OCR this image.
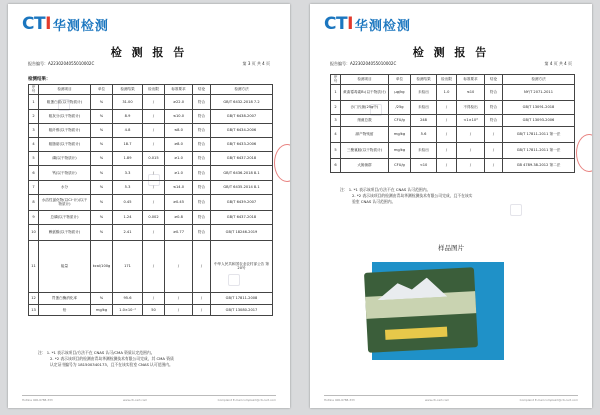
CTI 华测检测
检 测 报 告
报告编号：A2230204055010002C	第 3 页 共 4 页
检测结果：
序号	检测项目	单位	检测结果	检出限	标准要求	结论	检测方法
1	粗蛋白质(以干物质计)	%	31.00	/	≥22.0	符合	GB/T 6432-2018 7.2
2	粗灰分(以干物质计)	%	8.9	/	≤10.0	符合	GB/T 6438-2007
3	粗纤维(以干物质计)	%	4.8	/	≤8.0	符合	GB/T 6434-2006
4	粗脂肪(以干物质计)	%	18.7	/	≥8.0	符合	GB/T 6433-2006
5	磷(以干物质计)	%	1.89	0.015	≥1.0	符合	GB/T 6437-2018
6	钙(以干物质计)	%	3.3	/	≥1.0	符合	GB/T 6436-2018 8.1
7	水分	%	5.3	/	≤14.0	符合	GB/T 6435-2014 8.1
8	水溶性氯化物(以Cl⁻计)(以干物质计)	%	0.45	/	≥0.45	符合	GB/T 6439-2007
9	总磷(以干物质计)	%	1.24	0.002	≥0.8	符合	GB/T 6437-2018
10	赖氨酸(以干物质计)	%	2.41	/	≥0.77	符合	GB/T 18246-2019
11	能量	kcal/100g	171	/	/	/	中华人民共和国农业农村部公告 第20号
12	胃蛋白酶消化率	%	95.6	/	/	/	GB/T 17811-2008
13	铅	mg/kg	1.0×10⁻¹	50	/	/	GB/T 13080-2017
注： 1. *1 表示该项目/方法不在 CNAS 认可/CMA 资质认定范围内。
2. *2 表示该项目的检测由青岛华测检测技术有限公司完成，其 CMA 资质
认定证书编号为 181500340173，且不在该实验室 CNAS 认可范围内。
Hotline 400-6788-333	www.cti-cert.com	Complaint E-mail:complaint@cti-cert.com
CTI 华测检测
检 测 报 告
报告编号：A2230204055010002C	第 4 页 共 4 页
序号	检测项目	单位	检测结果	检出限	标准要求	结论	检测方法
1	黄曲霉毒素B₁(以干物质计)	μg/kg	未检出	1.0	≤10	符合	NY/T 2071-2011
2	沙门氏菌(25g中)	/25g	未检出	/	不得检出	符合	GB/T 13091-2018
3	细菌总数	CFU/g	248	/	<1×10⁴	符合	GB/T 13093-2006
4	副产物残留	mg/kg	5.6	/	/	/	GB/T 17811-2011 第一法
5	三聚氰胺(以干物质计)	mg/kg	未检出	/	/	/	GB/T 17811-2011 第一法
6	大肠菌群	CFU/g	<10	/	/	/	GB 4789.38-2012 第二法
注： 1. *1 表示该项目/方法不在 CNAS 认可范围内。
2. *2 表示该项目的检测由青岛华测检测技术有限公司完成，且不在该实
验室 CNAS 认可范围内。
样品图片
Hotline 400-6788-333	www.cti-cert.com	Complaint E-mail:complaint@cti-cert.com
